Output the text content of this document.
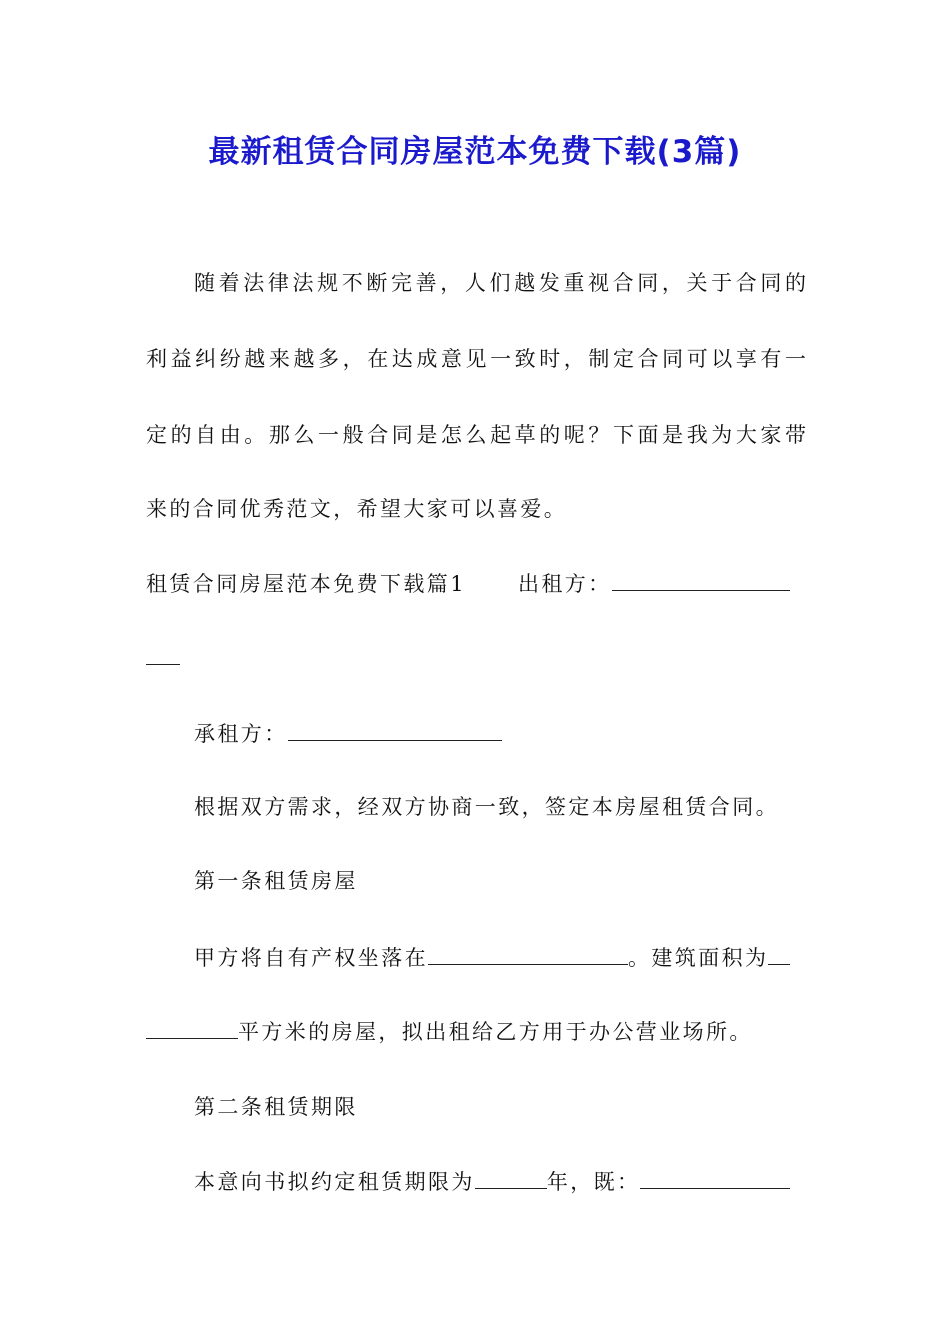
最新租赁合同房屋范本免费下载(3篇)

随着法律法规不断完善，人们越发重视合同，关于合同的

利益纠纷越来越多，在达成意见一致时，制定合同可以享有一

定的自由。那么一般合同是怎么起草的呢？下面是我为大家带

来的合同优秀范文，希望大家可以喜爱。

租赁合同房屋范本免费下载篇1 出租方：

承租方：

根据双方需求，经双方协商一致，签定本房屋租赁合同。

第一条租赁房屋

甲方将自有产权坐落在	。建筑面积为

平方米的房屋，拟出租给乙方用于办公营业场所。

第二条租赁期限

本意向书拟约定租赁期限为	年，既：
